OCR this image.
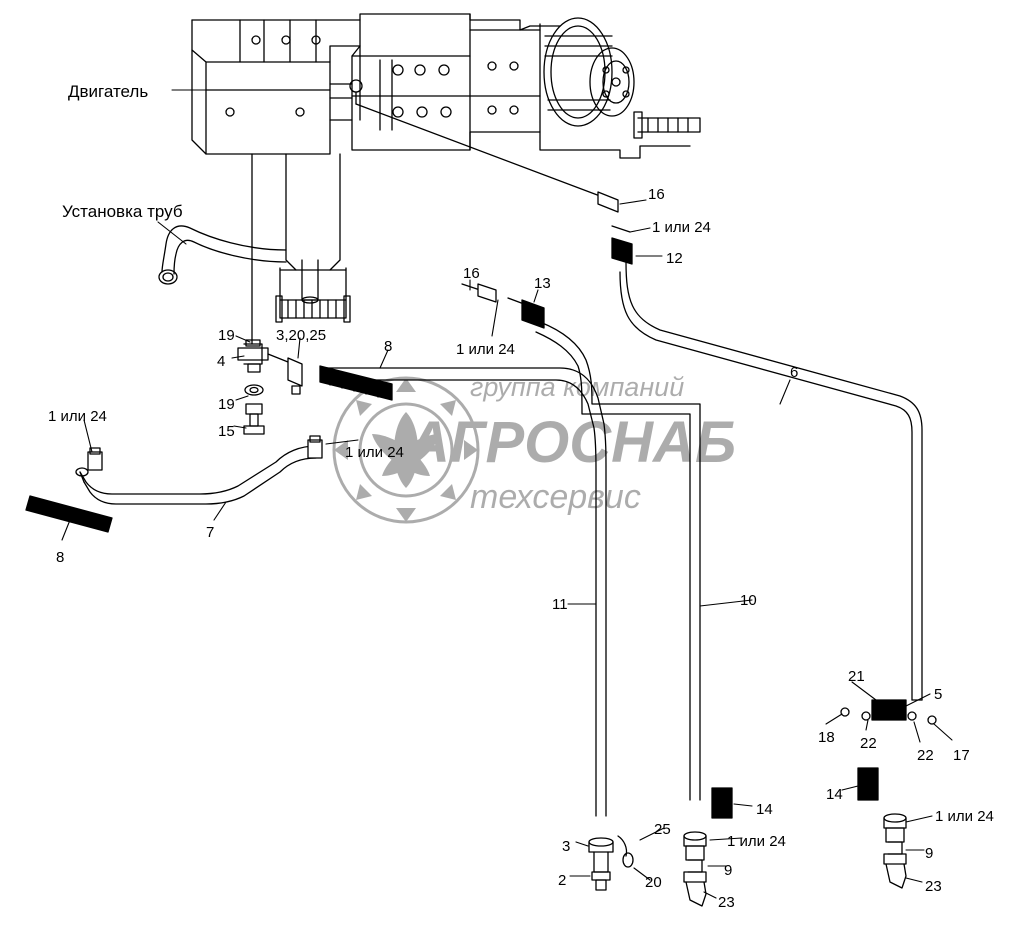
группа компаний
АГРОСНАБ
техсервис
Двигатель
Установка труб
16
1 или 24
12
16
13
1 или 24
19	3,20,25
4
8
19
15
1 или 24
1 или 24
6
7
8
11	10
21
5
18 22
22 17
14
14	1 или 24
25
1 или 24
3
9
9
2	20
23
23
